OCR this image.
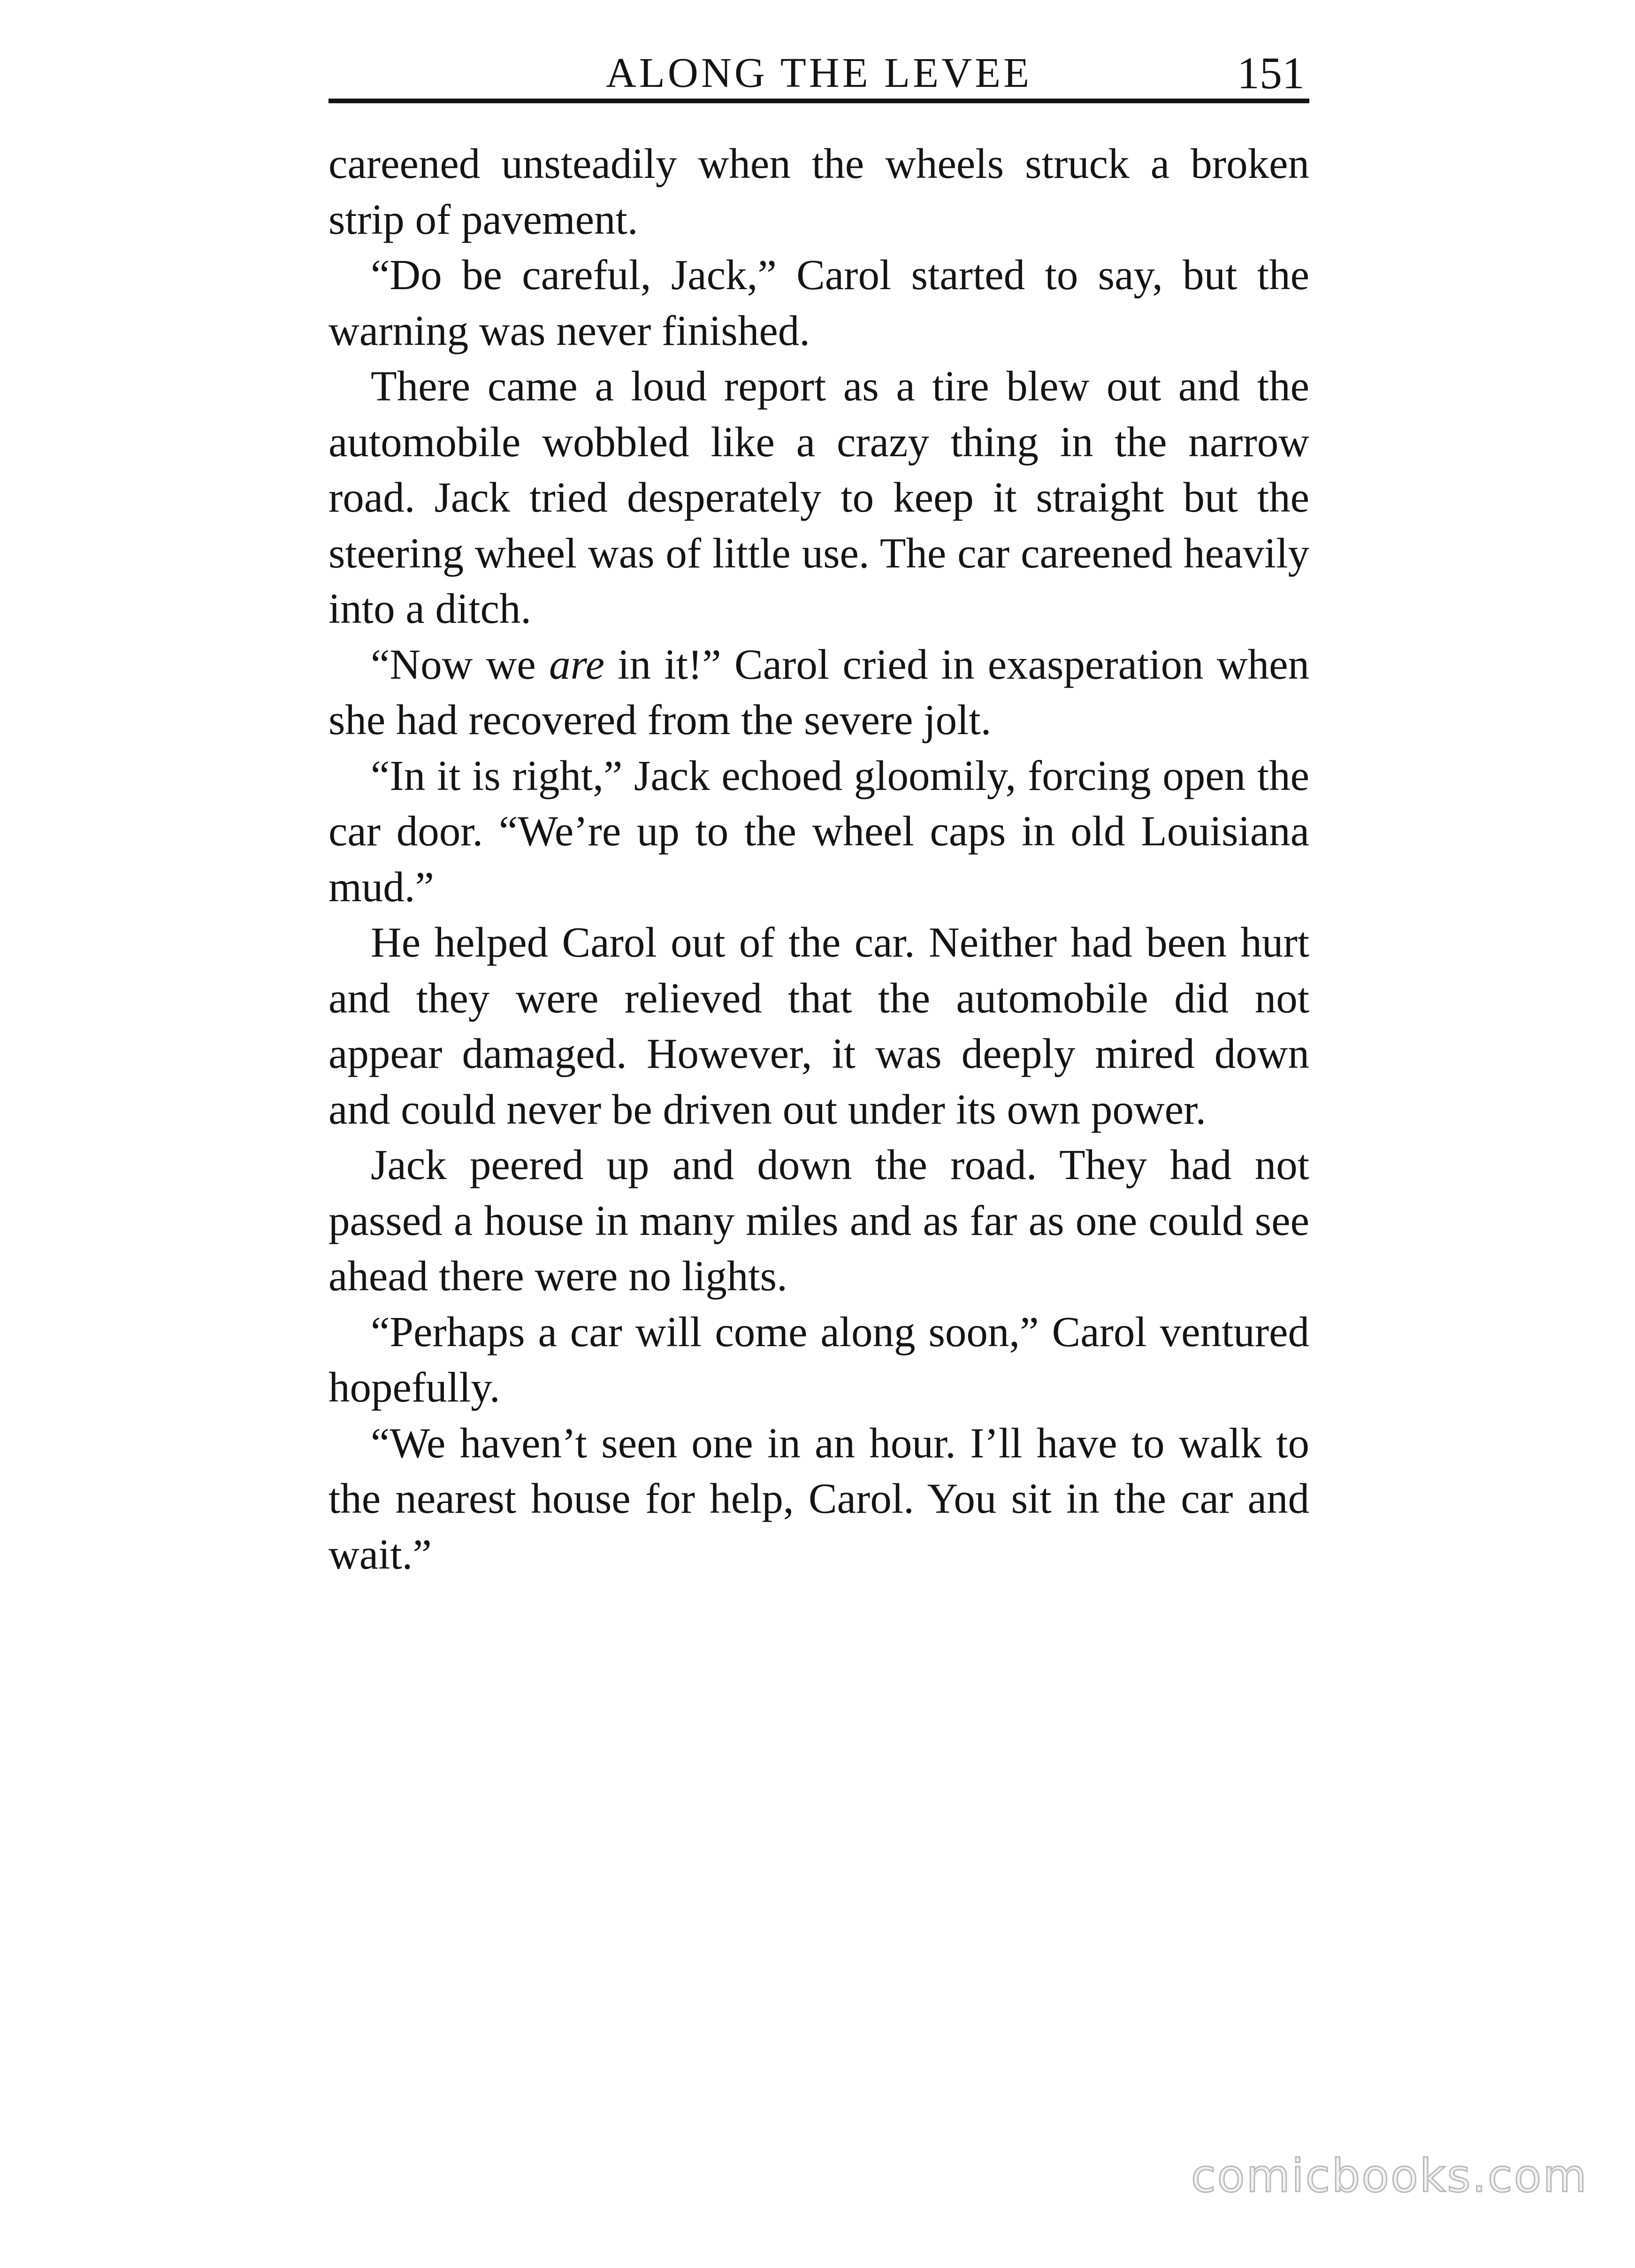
ALONG THE LEVEE	151

careened unsteadily when the wheels struck a broken strip of pavement.

“Do be careful, Jack,” Carol started to say, but the warning was never finished.

There came a loud report as a tire blew out and the automobile wobbled like a crazy thing in the narrow road. Jack tried desperately to keep it straight but the steering wheel was of little use. The car careened heavily into a ditch.

“Now we are in it!” Carol cried in exasperation when she had recovered from the severe jolt.

“In it is right,” Jack echoed gloomily, forcing open the car door. “We’re up to the wheel caps in old Louisiana mud.”

He helped Carol out of the car. Neither had been hurt and they were relieved that the automobile did not appear damaged. However, it was deeply mired down and could never be driven out under its own power.

Jack peered up and down the road. They had not passed a house in many miles and as far as one could see ahead there were no lights.

“Perhaps a car will come along soon,” Carol ventured hopefully.

“We haven’t seen one in an hour. I’ll have to walk to the nearest house for help, Carol. You sit in the car and wait.”

comicbooks.com
